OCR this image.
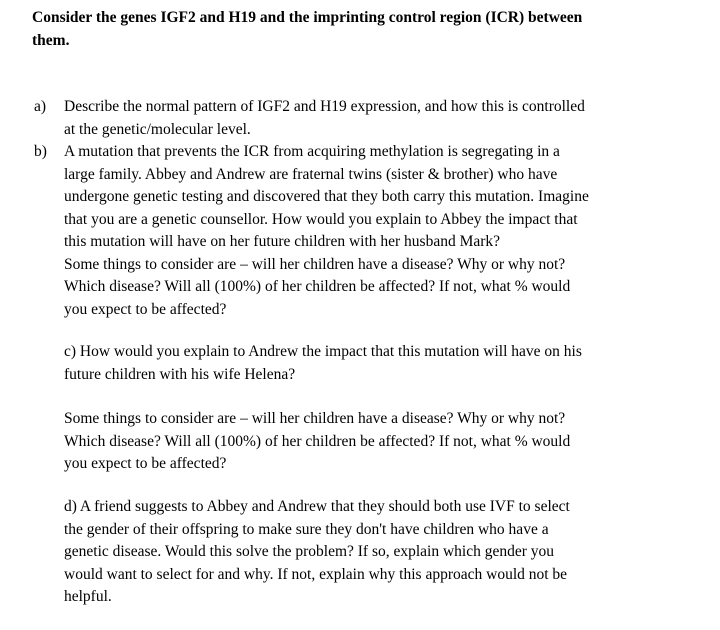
Consider the genes IGF2 and H19 and the imprinting control region (ICR) between
them.
a) Describe the normal pattern of IGF2 and H19 expression, and how this is controlled
at the genetic/molecular level.
b) A mutation that prevents the ICR from acquiring methylation is segregating in a
large family. Abbey and Andrew are fraternal twins (sister & brother) who have
undergone genetic testing and discovered that they both carry this mutation. Imagine
that you are a genetic counsellor. How would you explain to Abbey the impact that
this mutation will have on her future children with her husband Mark?
Some things to consider are – will her children have a disease? Why or why not?
Which disease? Will all (100%) of her children be affected? If not, what % would
you expect to be affected?
c) How would you explain to Andrew the impact that this mutation will have on his
future children with his wife Helena?
Some things to consider are – will her children have a disease? Why or why not?
Which disease? Will all (100%) of her children be affected? If not, what % would
you expect to be affected?
d) A friend suggests to Abbey and Andrew that they should both use IVF to select
the gender of their offspring to make sure they don't have children who have a
genetic disease. Would this solve the problem? If so, explain which gender you
would want to select for and why. If not, explain why this approach would not be
helpful.
